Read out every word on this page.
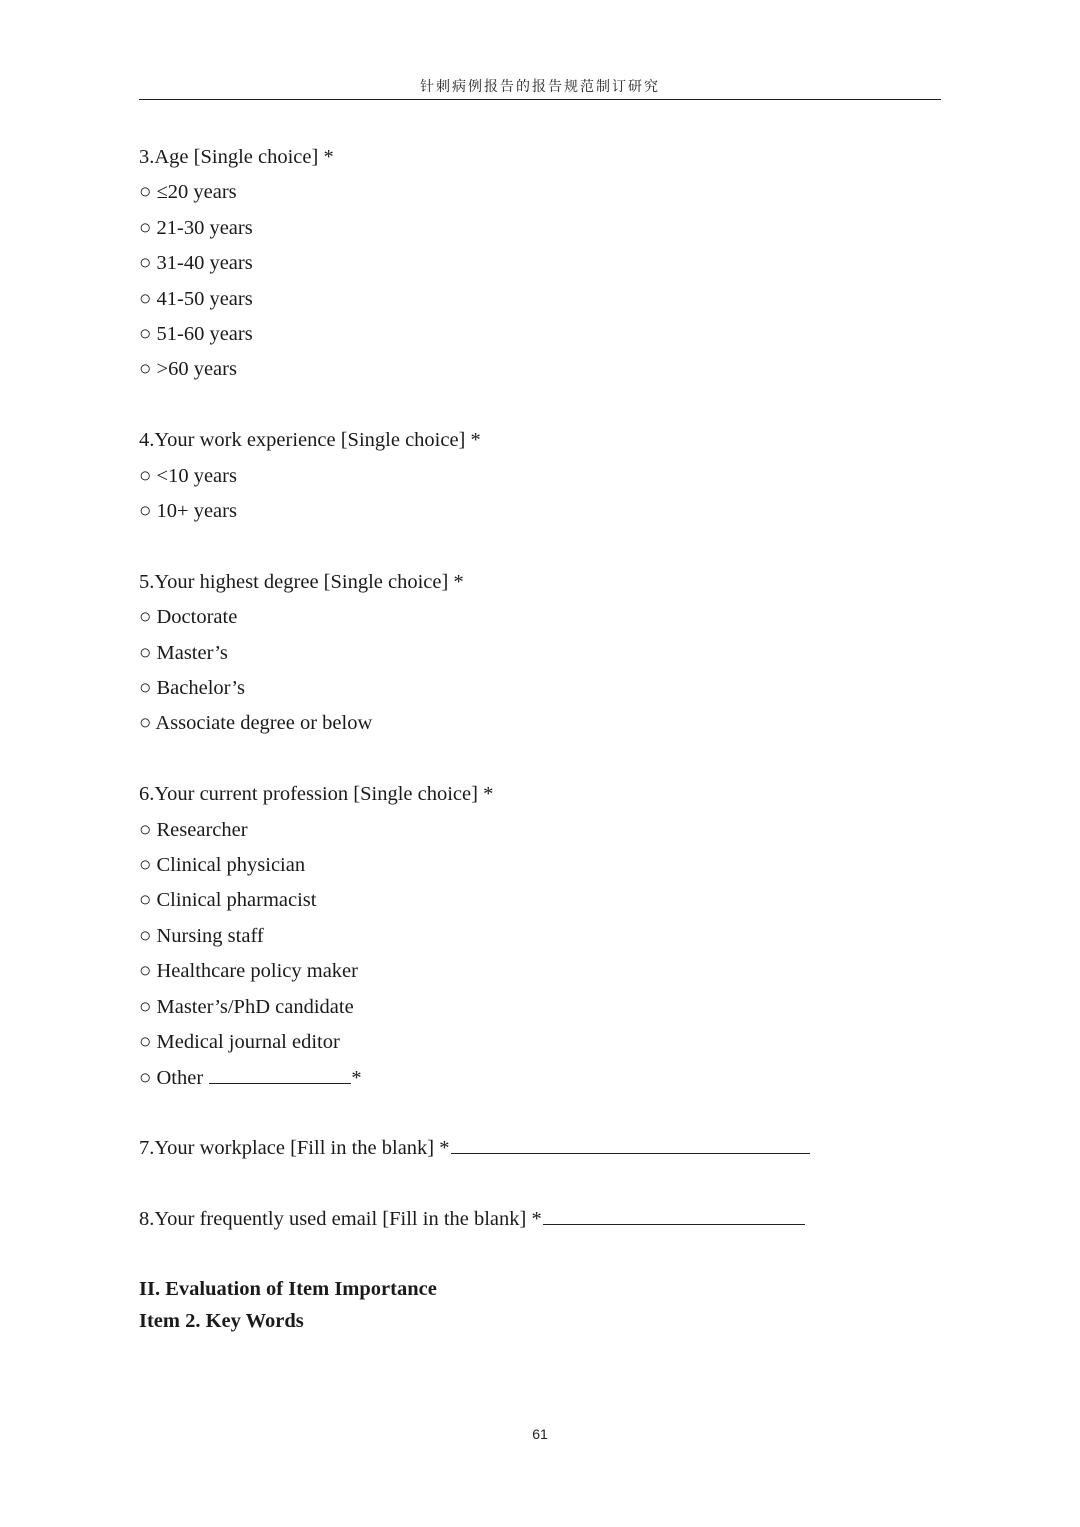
针刺病例报告的报告规范制订研究

3.Age [Single choice] *

○ ≤20 years

○ 21-30 years

○ 31-40 years

○ 41-50 years

○ 51-60 years

○ >60 years

4.Your work experience [Single choice] *

○ <10 years

○ 10+ years

5.Your highest degree [Single choice] *

○ Doctorate

○ Master’s

○ Bachelor’s

○ Associate degree or below

6.Your current profession [Single choice] *

○ Researcher

○ Clinical physician

○ Clinical pharmacist

○ Nursing staff

○ Healthcare policy maker

○ Master’s/PhD candidate

○ Medical journal editor

○ Other	*

7.Your workplace [Fill in the blank] *

8.Your frequently used email [Fill in the blank] *

II. Evaluation of Item Importance

Item 2. Key Words

61
